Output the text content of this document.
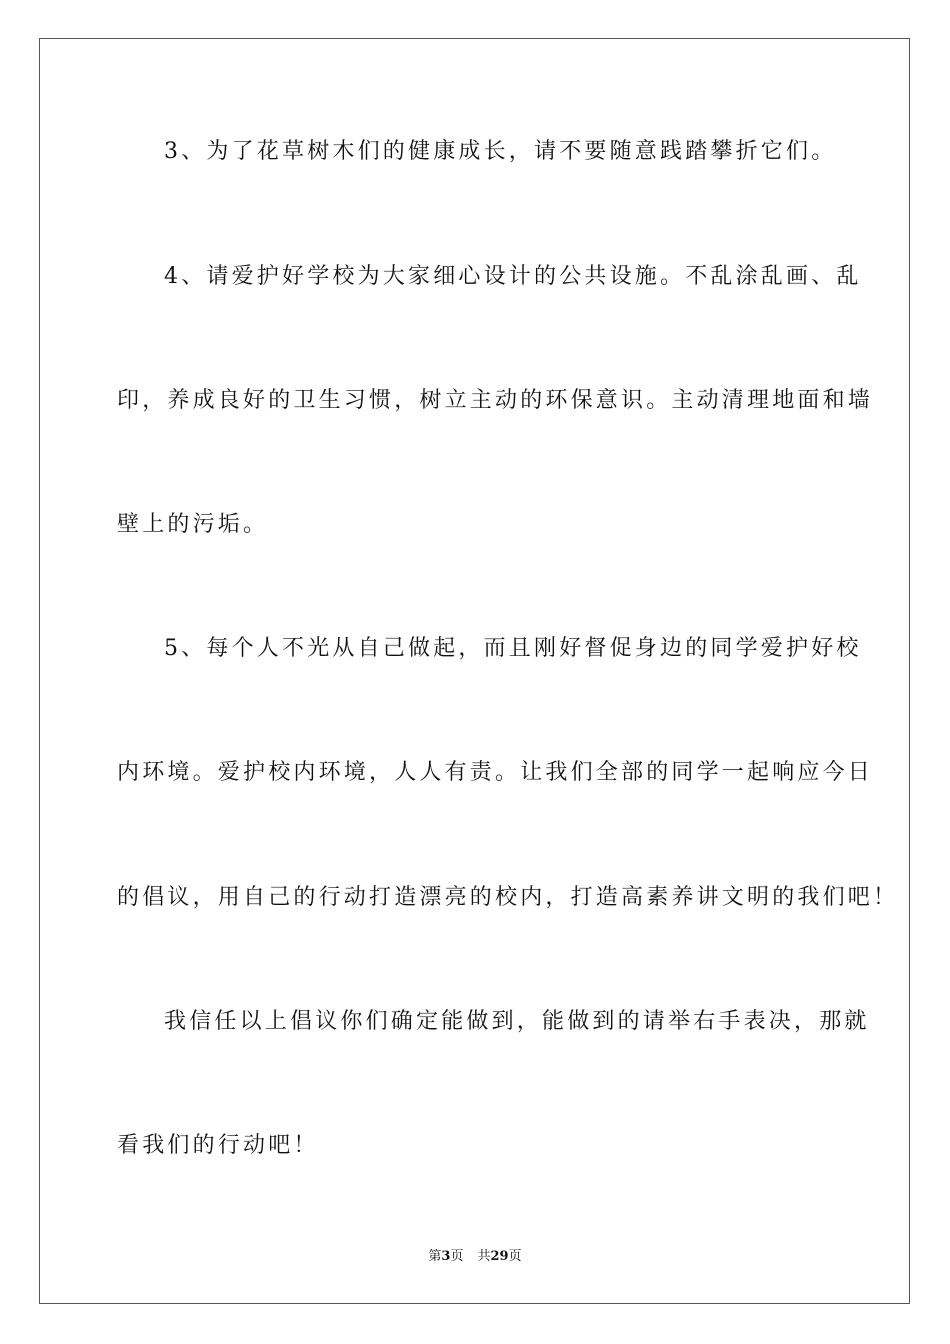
3、为了花草树木们的健康成长，请不要随意践踏攀折它们。
4、请爱护好学校为大家细心设计的公共设施。不乱涂乱画、乱
印，养成良好的卫生习惯，树立主动的环保意识。主动清理地面和墙
壁上的污垢。
5、每个人不光从自己做起，而且刚好督促身边的同学爱护好校
内环境。爱护校内环境，人人有责。让我们全部的同学一起响应今日
的倡议，用自己的行动打造漂亮的校内，打造高素养讲文明的我们吧！
我信任以上倡议你们确定能做到，能做到的请举右手表决，那就
看我们的行动吧！
第3页 共29页
